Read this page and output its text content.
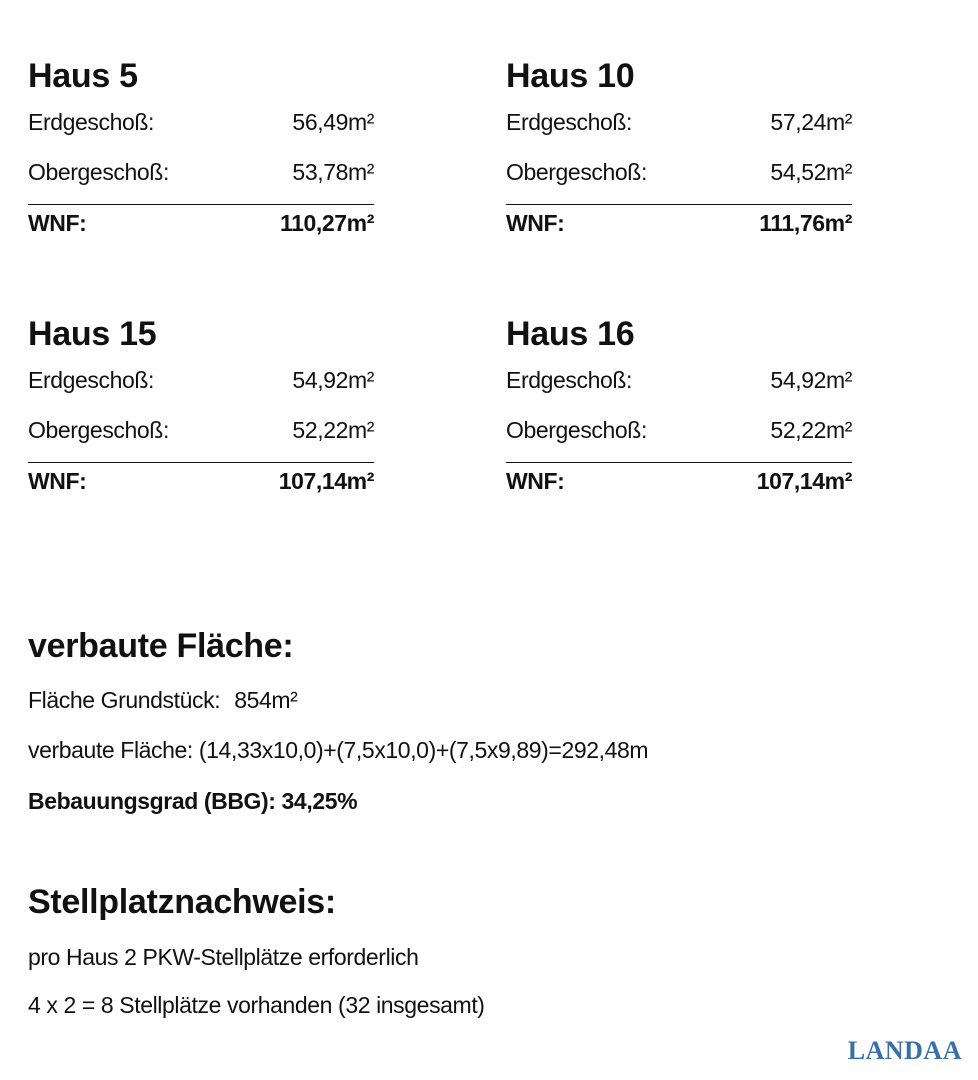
Haus 5
Erdgeschoß:	56,49m²
Obergeschoß:	53,78m²
WNF:	110,27m²
Haus 10
Erdgeschoß:	57,24m²
Obergeschoß:	54,52m²
WNF:	111,76m²
Haus 15
Erdgeschoß:	54,92m²
Obergeschoß:	52,22m²
WNF:	107,14m²
Haus 16
Erdgeschoß:	54,92m²
Obergeschoß:	52,22m²
WNF:	107,14m²
verbaute Fläche:
Fläche Grundstück: 854m²
verbaute Fläche: (14,33x10,0)+(7,5x10,0)+(7,5x9,89)=292,48m
Bebauungsgrad (BBG): 34,25%
Stellplatznachweis:
pro Haus 2 PKW-Stellplätze erforderlich
4 x 2 = 8 Stellplätze vorhanden (32 insgesamt)
LANDAA
